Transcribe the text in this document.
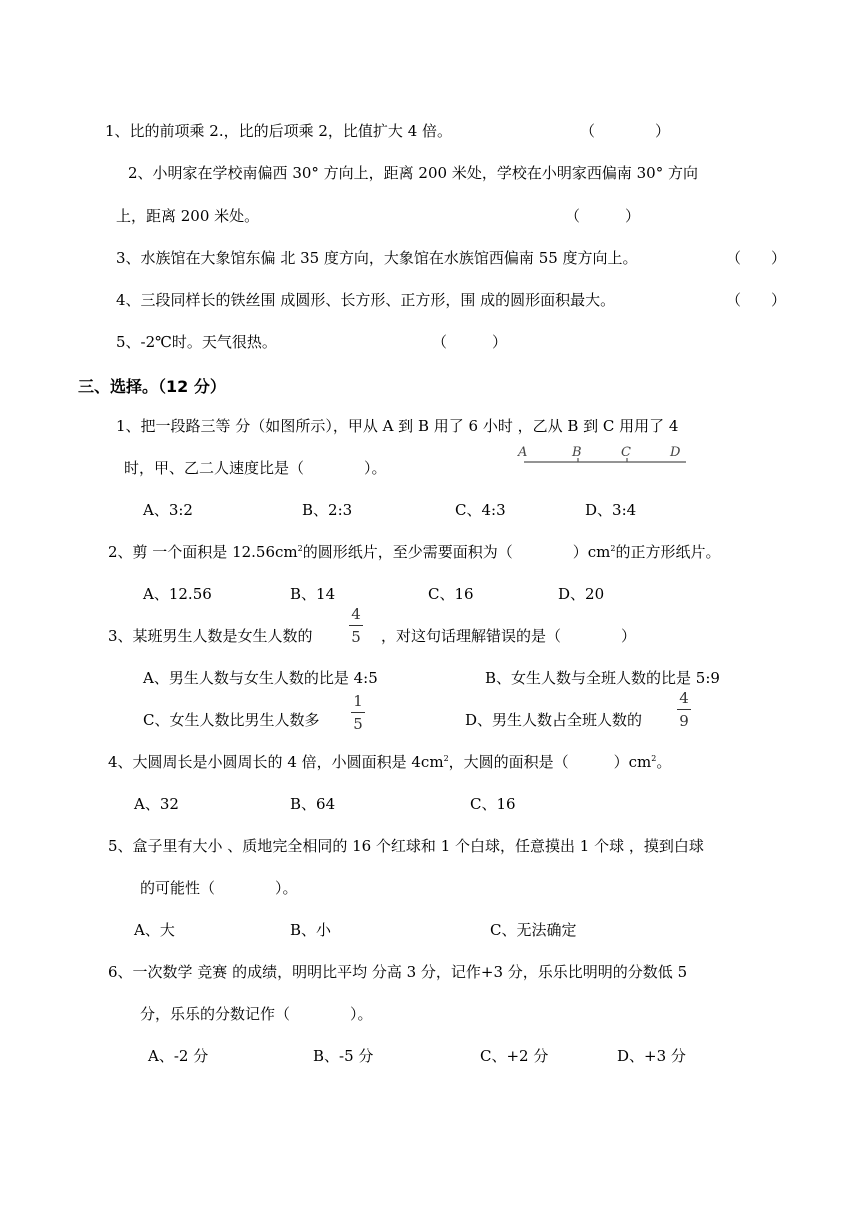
1、比的前项乘 2.，比的后项乘 2，比值扩大 4 倍。	（　　　　）
2、小明家在学校南偏西 30° 方向上，距离 200 米处，学校在小明家西偏南 30° 方向
上，距离 200 米处。	（　　　）
3、水族馆在大象馆东偏 北 35 度方向，大象馆在水族馆西偏南 55 度方向上。	（　　）
4、三段同样长的铁丝围 成圆形、长方形、正方形，围 成的圆形面积最大。	（　　）
5、-2℃时。天气很热。	（　　　）
三、选择。（12 分）
1、把一段路三等 分（如图所示），甲从 A 到 B 用了 6 小时 ，乙从 B 到 C 用用了 4
时，甲、乙二人速度比是（　　　　）。
A	B	C	D
A、3:2	B、2:3	C、4:3	D、3:4
2、剪 一个面积是 $12.56cm^2$的圆形纸片，至少需要面积为（　　　　）$cm^2$的正方形纸片。
A、12.56	B、14	C、16	D、20
3、某班男生人数是女生人数的
4
5 ，对这句话理解错误的是（　　　　）
A、男生人数与女生人数的比是 4:5	B、女生人数与全班人数的比是 5:9
C、女生人数比男生人数多
1
5	D、男生人数占全班人数的
4
9
4、大圆周长是小圆周长的 4 倍，小圆面积是 $4cm^2$，大圆的面积是（　　　）$cm^2$。
A、32	B、64	C、16
5、盒子里有大小 、质地完全相同的 16 个红球和 1 个白球，任意摸出 1 个球 ，摸到白球
的可能性（　　　　）。
A、大	B、小	C、无法确定
6、一次数学 竞赛 的成绩，明明比平均 分高 3 分，记作+3 分，乐乐比明明的分数低 5
分，乐乐的分数记作（　　　　）。
A、-2 分	B、-5 分	C、+2 分	D、+3 分
